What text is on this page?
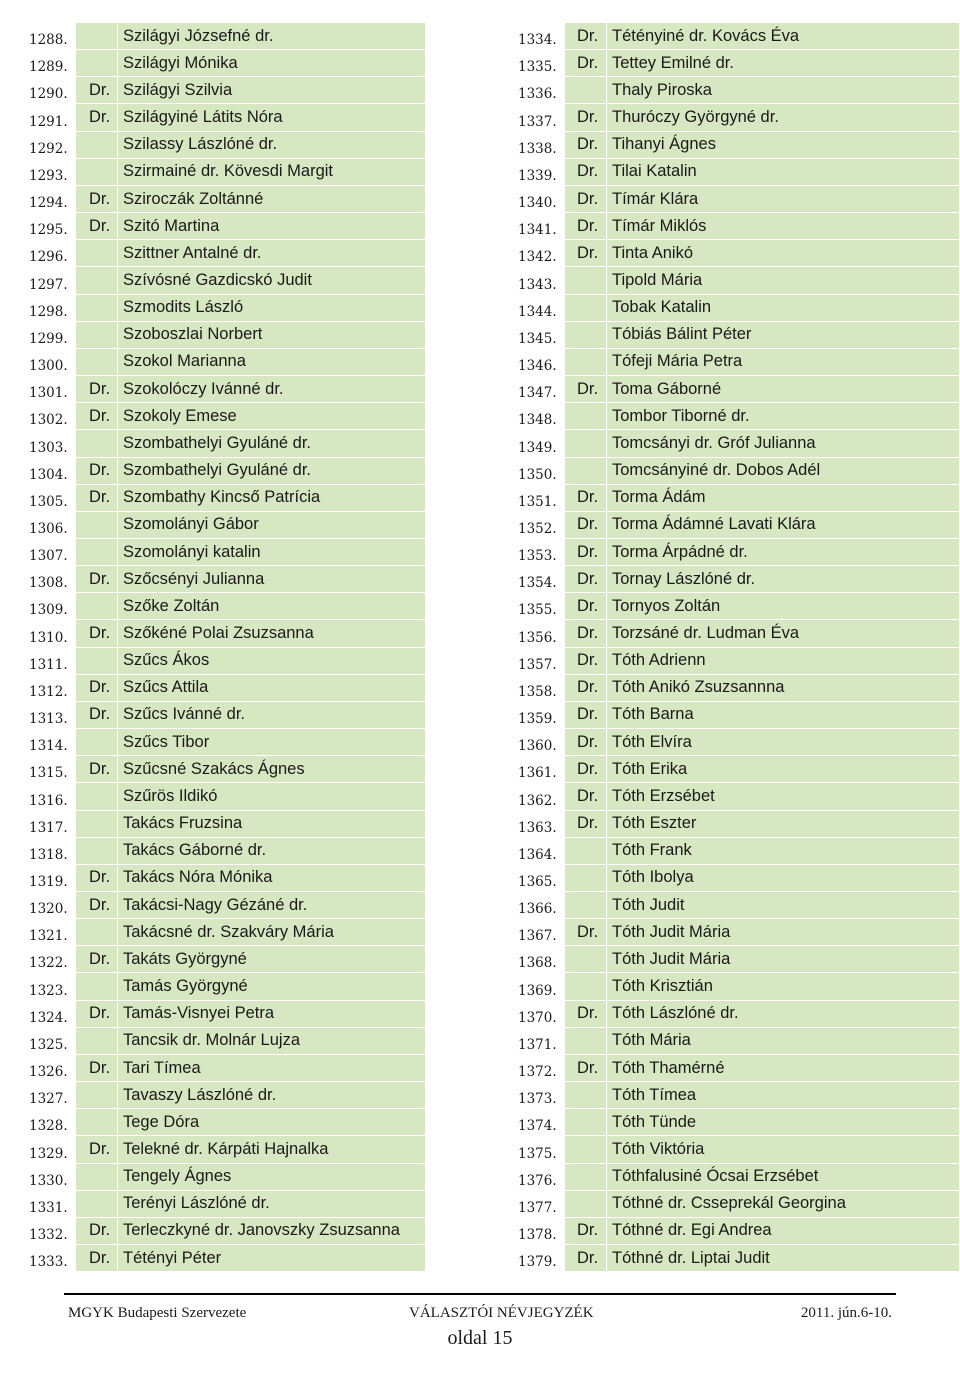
1288.	Szilágyi Józsefné dr.
1289.	Szilágyi Mónika
1290.	Dr. Szilágyi Szilvia
1291.	Dr. Szilágyiné Látits Nóra
1292.	Szilassy Lászlóné dr.
1293.	Szirmainé dr. Kövesdi Margit
1294.	Dr. Sziroczák Zoltánné
1295.	Dr. Szitó Martina
1296.	Szittner Antalné dr.
1297.	Szívósné Gazdicskó Judit
1298.	Szmodits László
1299.	Szoboszlai Norbert
1300.	Szokol Marianna
1301.	Dr. Szokolóczy Ivánné dr.
1302.	Dr. Szokoly Emese
1303.	Szombathelyi Gyuláné dr.
1304.	Dr. Szombathelyi Gyuláné dr.
1305.	Dr. Szombathy Kincső Patrícia
1306.	Szomolányi Gábor
1307.	Szomolányi katalin
1308.	Dr. Szőcsényi Julianna
1309.	Szőke Zoltán
1310.	Dr. Szőkéné Polai Zsuzsanna
1311.	Szűcs Ákos
1312.	Dr. Szűcs Attila
1313.	Dr. Szűcs Ivánné dr.
1314.	Szűcs Tibor
1315.	Dr. Szűcsné Szakács Ágnes
1316.	Szűrös Ildikó
1317.	Takács Fruzsina
1318.	Takács Gáborné dr.
1319.	Dr. Takács Nóra Mónika
1320.	Dr. Takácsi-Nagy Gézáné dr.
1321.	Takácsné dr. Szakváry Mária
1322.	Dr. Takáts Györgyné
1323.	Tamás Györgyné
1324.	Dr. Tamás-Visnyei Petra
1325.	Tancsik dr. Molnár Lujza
1326.	Dr. Tari Tímea
1327.	Tavaszy Lászlóné dr.
1328.	Tege Dóra
1329.	Dr. Telekné dr. Kárpáti Hajnalka
1330.	Tengely Ágnes
1331.	Terényi Lászlóné dr.
1332.	Dr. Terleczkyné dr. Janovszky Zsuzsanna
1333.	Dr. Tétényi Péter
1334.	Dr. Tétényiné dr. Kovács Éva
1335.	Dr. Tettey Emilné dr.
1336.	Thaly Piroska
1337.	Dr. Thuróczy Györgyné dr.
1338.	Dr. Tihanyi Ágnes
1339.	Dr. Tilai Katalin
1340.	Dr. Tímár Klára
1341.	Dr. Tímár Miklós
1342.	Dr. Tinta Anikó
1343.	Tipold Mária
1344.	Tobak Katalin
1345.	Tóbiás Bálint Péter
1346.	Tófeji Mária Petra
1347.	Dr. Toma Gáborné
1348.	Tombor Tiborné dr.
1349.	Tomcsányi dr. Gróf Julianna
1350.	Tomcsányiné dr. Dobos Adél
1351.	Dr. Torma Ádám
1352.	Dr. Torma Ádámné Lavati Klára
1353.	Dr. Torma Árpádné dr.
1354.	Dr. Tornay Lászlóné dr.
1355.	Dr. Tornyos Zoltán
1356.	Dr. Torzsáné dr. Ludman Éva
1357.	Dr. Tóth Adrienn
1358.	Dr. Tóth Anikó Zsuzsannna
1359.	Dr. Tóth Barna
1360.	Dr. Tóth Elvíra
1361.	Dr. Tóth Erika
1362.	Dr. Tóth Erzsébet
1363.	Dr. Tóth Eszter
1364.	Tóth Frank
1365.	Tóth Ibolya
1366.	Tóth Judit
1367.	Dr. Tóth Judit Mária
1368.	Tóth Judit Mária
1369.	Tóth Krisztián
1370.	Dr. Tóth Lászlóné dr.
1371.	Tóth Mária
1372.	Dr. Tóth Thamérné
1373.	Tóth Tímea
1374.	Tóth Tünde
1375.	Tóth Viktória
1376.	Tóthfalusiné Ócsai Erzsébet
1377.	Tóthné dr. Csseprekál Georgina
1378.	Dr. Tóthné dr. Egi Andrea
1379.	Dr. Tóthné dr. Liptai Judit
MGYK Budapesti Szervezete	VÁLASZTÓI NÉVJEGYZÉK	2011. jún.6-10.
oldal 15
